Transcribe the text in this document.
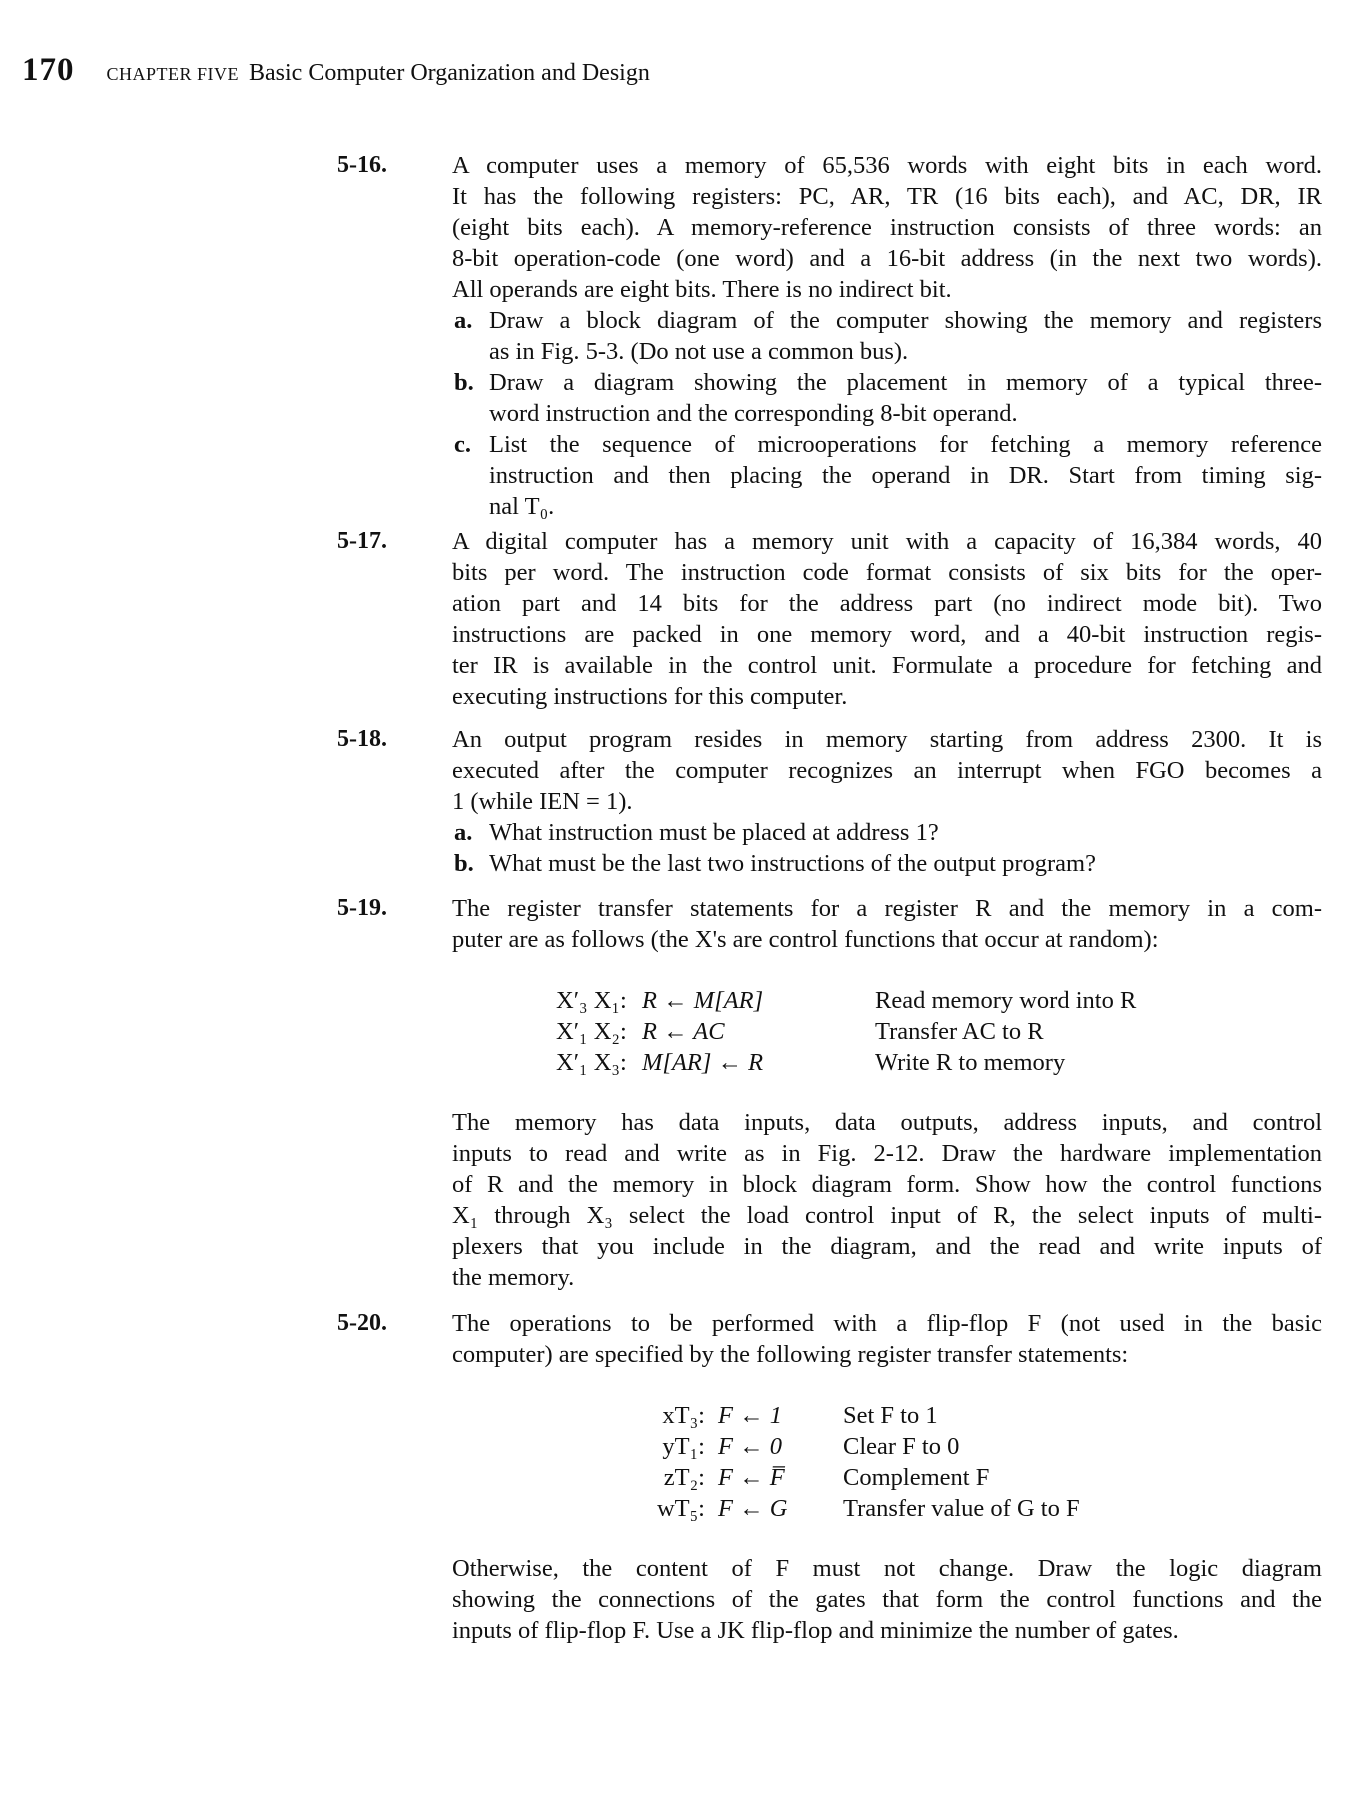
170 CHAPTER FIVE Basic Computer Organization and Design
5-16.	A computer uses a memory of 65,536 words with eight bits in each word.
It has the following registers: PC, AR, TR (16 bits each), and AC, DR, IR
(eight bits each). A memory-reference instruction consists of three words: an
8-bit operation-code (one word) and a 16-bit address (in the next two words).
All operands are eight bits. There is no indirect bit.
a. Draw a block diagram of the computer showing the memory and registers
as in Fig. 5-3. (Do not use a common bus).
b. Draw a diagram showing the placement in memory of a typical three-
word instruction and the corresponding 8-bit operand.
c. List the sequence of microoperations for fetching a memory reference
instruction and then placing the operand in DR. Start from timing sig-
nal T₀.
5-17.	A digital computer has a memory unit with a capacity of 16,384 words, 40
bits per word. The instruction code format consists of six bits for the oper-
ation part and 14 bits for the address part (no indirect mode bit). Two
instructions are packed in one memory word, and a 40-bit instruction regis-
ter IR is available in the control unit. Formulate a procedure for fetching and
executing instructions for this computer.
5-18.	An output program resides in memory starting from address 2300. It is
executed after the computer recognizes an interrupt when FGO becomes a
1 (while IEN = 1).
a. What instruction must be placed at address 1?
b. What must be the last two instructions of the output program?
5-19.	The register transfer statements for a register R and the memory in a com-
puter are as follows (the X's are control functions that occur at random):
X′₃ X₁: R ← M[AR]	Read memory word into R
X′₁ X₂: R ← AC	Transfer AC to R
X′₁ X₃: M[AR] ← R	Write R to memory
The memory has data inputs, data outputs, address inputs, and control
inputs to read and write as in Fig. 2-12. Draw the hardware implementation
of R and the memory in block diagram form. Show how the control functions
X₁ through X₃ select the load control input of R, the select inputs of multi-
plexers that you include in the diagram, and the read and write inputs of
the memory.
5-20.	The operations to be performed with a flip-flop F (not used in the basic
computer) are specified by the following register transfer statements:
xT₃: F ← 1 Set F to 1
yT₁: F ← 0 Clear F to 0
zT₂: F ← F̅ Complement F
wT₅: F ← G Transfer value of G to F
Otherwise, the content of F must not change. Draw the logic diagram
showing the connections of the gates that form the control functions and the
inputs of flip-flop F. Use a JK flip-flop and minimize the number of gates.
